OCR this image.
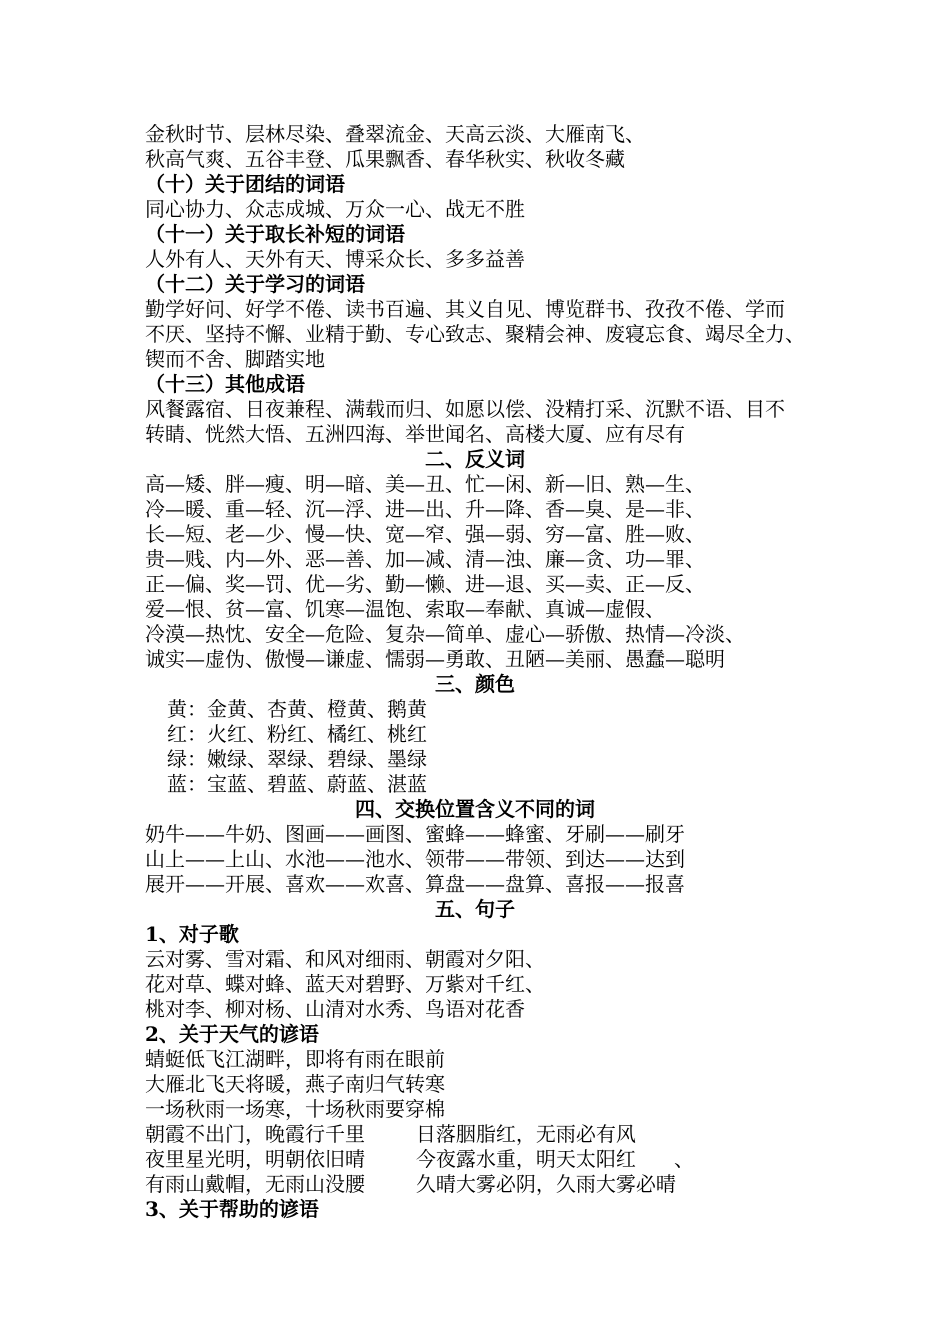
金秋时节、层林尽染、叠翠流金、天高云淡、大雁南飞、
秋高气爽、五谷丰登、瓜果飘香、春华秋实、秋收冬藏
（十）关于团结的词语
同心协力、众志成城、万众一心、战无不胜
（十一）关于取长补短的词语
人外有人、天外有天、博采众长、多多益善
（十二）关于学习的词语
勤学好问、好学不倦、读书百遍、其义自见、博览群书、孜孜不倦、学而
不厌、坚持不懈、业精于勤、专心致志、聚精会神、废寝忘食、竭尽全力、
锲而不舍、脚踏实地
（十三）其他成语
风餐露宿、日夜兼程、满载而归、如愿以偿、没精打采、沉默不语、目不
转睛、恍然大悟、五洲四海、举世闻名、高楼大厦、应有尽有
二、反义词
高—矮、胖—瘦、明—暗、美—丑、忙—闲、新—旧、熟—生、
冷—暖、重—轻、沉—浮、进—出、升—降、香—臭、是—非、
长—短、老—少、慢—快、宽—窄、强—弱、穷—富、胜—败、
贵—贱、内—外、恶—善、加—减、清—浊、廉—贪、功—罪、
正—偏、奖—罚、优—劣、勤—懒、进—退、买—卖、正—反、
爱—恨、贫—富、饥寒—温饱、索取—奉献、真诚—虚假、
冷漠—热忱、安全—危险、复杂—简单、虚心—骄傲、热情—冷淡、
诚实—虚伪、傲慢—谦虚、懦弱—勇敢、丑陋—美丽、愚蠢—聪明
三、颜色
黄：金黄、杏黄、橙黄、鹅黄
红：火红、粉红、橘红、桃红
绿：嫩绿、翠绿、碧绿、墨绿
蓝：宝蓝、碧蓝、蔚蓝、湛蓝
四、交换位置含义不同的词
奶牛——牛奶、图画——画图、蜜蜂——蜂蜜、牙刷——刷牙
山上——上山、水池——池水、领带——带领、到达——达到
展开——开展、喜欢——欢喜、算盘——盘算、喜报——报喜
五、句子
1、对子歌
云对雾、雪对霜、和风对细雨、朝霞对夕阳、
花对草、蝶对蜂、蓝天对碧野、万紫对千红、
桃对李、柳对杨、山清对水秀、鸟语对花香
2、关于天气的谚语
蜻蜓低飞江湖畔，即将有雨在眼前
大雁北飞天将暖，燕子南归气转寒
一场秋雨一场寒，十场秋雨要穿棉
朝霞不出门，晚霞行千里        日落胭脂红，无雨必有风
夜里星光明，明朝依旧晴        今夜露水重，明天太阳红      、
有雨山戴帽，无雨山没腰        久晴大雾必阴，久雨大雾必晴
3、关于帮助的谚语
